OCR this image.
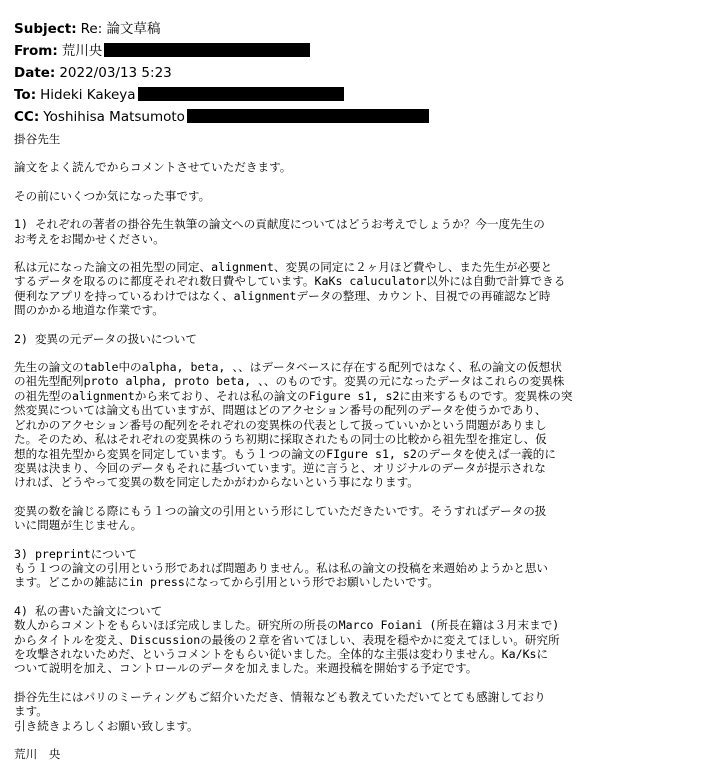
Subject: Re: 論文草稿
From: 荒川央
Date: 2022/03/13 5:23
To: Hideki Kakeya
CC: Yoshihisa Matsumoto

掛谷先生

論文をよく読んでからコメントさせていただきます。

その前にいくつか気になった事です。

1) それぞれの著者の掛谷先生執筆の論文への貢献度についてはどうお考えでしょうか？今一度先生の

お考えをお聞かせください。

私は元になった論文の祖先型の同定、alignment、変異の同定に２ヶ月ほど費やし、また先生が必要と

するデータを取るのに都度それぞれ数日費やしています。KaKs caluculator以外には自動で計算できる

便利なアプリを持っているわけではなく、alignmentデータの整理、カウント、目視での再確認など時

間のかかる地道な作業です。

2) 変異の元データの扱いについて

先生の論文のtable中のalpha, beta, 、、はデータベースに存在する配列ではなく、私の論文の仮想状

の祖先型配列proto alpha, proto beta, 、、のものです。変異の元になったデータはこれらの変異株

の祖先型のalignmentから来ており、それは私の論文のFigure s1, s2に由来するものです。変異株の突

然変異については論文も出ていますが、問題はどのアクセション番号の配列のデータを使うかであり、

どれかのアクセション番号の配列をそれぞれの変異株の代表として扱っていいかという問題がありまし

た。そのため、私はそれぞれの変異株のうち初期に採取されたもの同士の比較から祖先型を推定し、仮

想的な祖先型から変異を同定しています。もう１つの論文のFIgure s1, s2のデータを使えば一義的に

変異は決まり、今回のデータもそれに基づいています。逆に言うと、オリジナルのデータが提示されな

ければ、どうやって変異の数を同定したかがわからないという事になります。

変異の数を論じる際にもう１つの論文の引用という形にしていただきたいです。そうすればデータの扱

いに問題が生じません。

3) preprintについて

もう１つの論文の引用という形であれば問題ありません。私は私の論文の投稿を来週始めようかと思い

ます。どこかの雑誌にin pressになってから引用という形でお願いしたいです。

4) 私の書いた論文について

数人からコメントをもらいほぼ完成しました。研究所の所長のMarco Foiani (所長在籍は３月末まで)

からタイトルを変え、Discussionの最後の２章を省いてほしい、表現を穏やかに変えてほしい。研究所

を攻撃されないためだ、というコメントをもらい従いました。全体的な主張は変わりません。Ka/Ksに

ついて説明を加え、コントロールのデータを加えました。来週投稿を開始する予定です。

掛谷先生にはパリのミーティングもご紹介いただき、情報なども教えていただいてとても感謝しており

ます。

引き続きよろしくお願い致します。

荒川　央
